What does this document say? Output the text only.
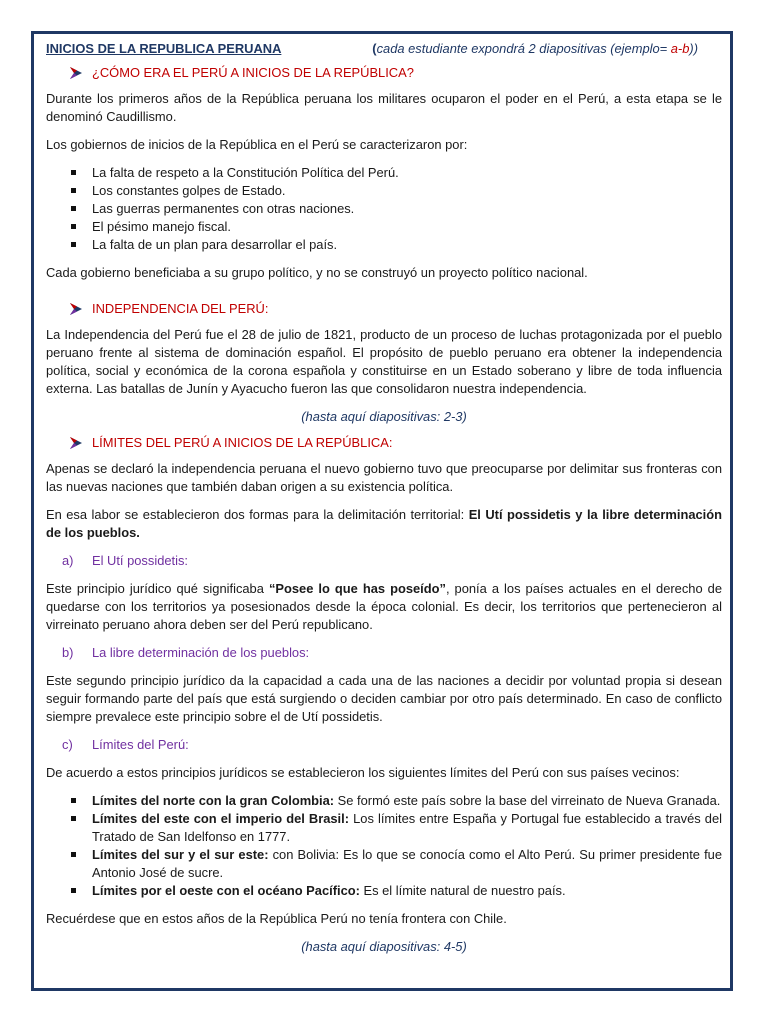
INICIOS DE LA REPUBLICA PERUANA	(cada estudiante expondrá 2 diapositivas (ejemplo= a-b))
¿CÓMO ERA EL PERÚ A INICIOS DE LA REPÚBLICA?

Durante los primeros años de la República peruana los militares ocuparon el poder en el Perú, a esta etapa se le denominó Caudillismo.

Los gobiernos de inicios de la República en el Perú se caracterizaron por:

La falta de respeto a la Constitución Política del Perú.
Los constantes golpes de Estado.
Las guerras permanentes con otras naciones.
El pésimo manejo fiscal.
La falta de un plan para desarrollar el país.

Cada gobierno beneficiaba a su grupo político, y no se construyó un proyecto político nacional.

INDEPENDENCIA DEL PERÚ:

La Independencia del Perú fue el 28 de julio de 1821, producto de un proceso de luchas protagonizada por el pueblo peruano frente al sistema de dominación español. El propósito de pueblo peruano era obtener la independencia política, social y económica de la corona española y constituirse en un Estado soberano y libre de toda influencia externa. Las batallas de Junín y Ayacucho fueron las que consolidaron nuestra independencia.

(hasta aquí diapositivas: 2-3)
LÍMITES DEL PERÚ A INICIOS DE LA REPÚBLICA:

Apenas se declaró la independencia peruana el nuevo gobierno tuvo que preocuparse por delimitar sus fronteras con las nuevas naciones que también daban origen a su existencia política.

En esa labor se establecieron dos formas para la delimitación territorial: El Utí possidetis y la libre determinación de los pueblos.

a)	El Utí possidetis:

Este principio jurídico qué significaba “Posee lo que has poseído”, ponía a los países actuales en el derecho de quedarse con los territorios ya posesionados desde la época colonial. Es decir, los territorios que pertenecieron al virreinato peruano ahora deben ser del Perú republicano.

b)	La libre determinación de los pueblos:

Este segundo principio jurídico da la capacidad a cada una de las naciones a decidir por voluntad propia si desean seguir formando parte del país que está surgiendo o deciden cambiar por otro país determinado. En caso de conflicto siempre prevalece este principio sobre el de Utí possidetis.

c)	Límites del Perú:

De acuerdo a estos principios jurídicos se establecieron los siguientes límites del Perú con sus países vecinos:

Límites del norte con la gran Colombia: Se formó este país sobre la base del virreinato de Nueva Granada.
Límites del este con el imperio del Brasil: Los límites entre España y Portugal fue establecido a través del Tratado de San Idelfonso en 1777.
Límites del sur y el sur este: con Bolivia: Es lo que se conocía como el Alto Perú. Su primer presidente fue Antonio José de sucre.
Límites por el oeste con el océano Pacífico: Es el límite natural de nuestro país.

Recuérdese que en estos años de la República Perú no tenía frontera con Chile.

(hasta aquí diapositivas: 4-5)
